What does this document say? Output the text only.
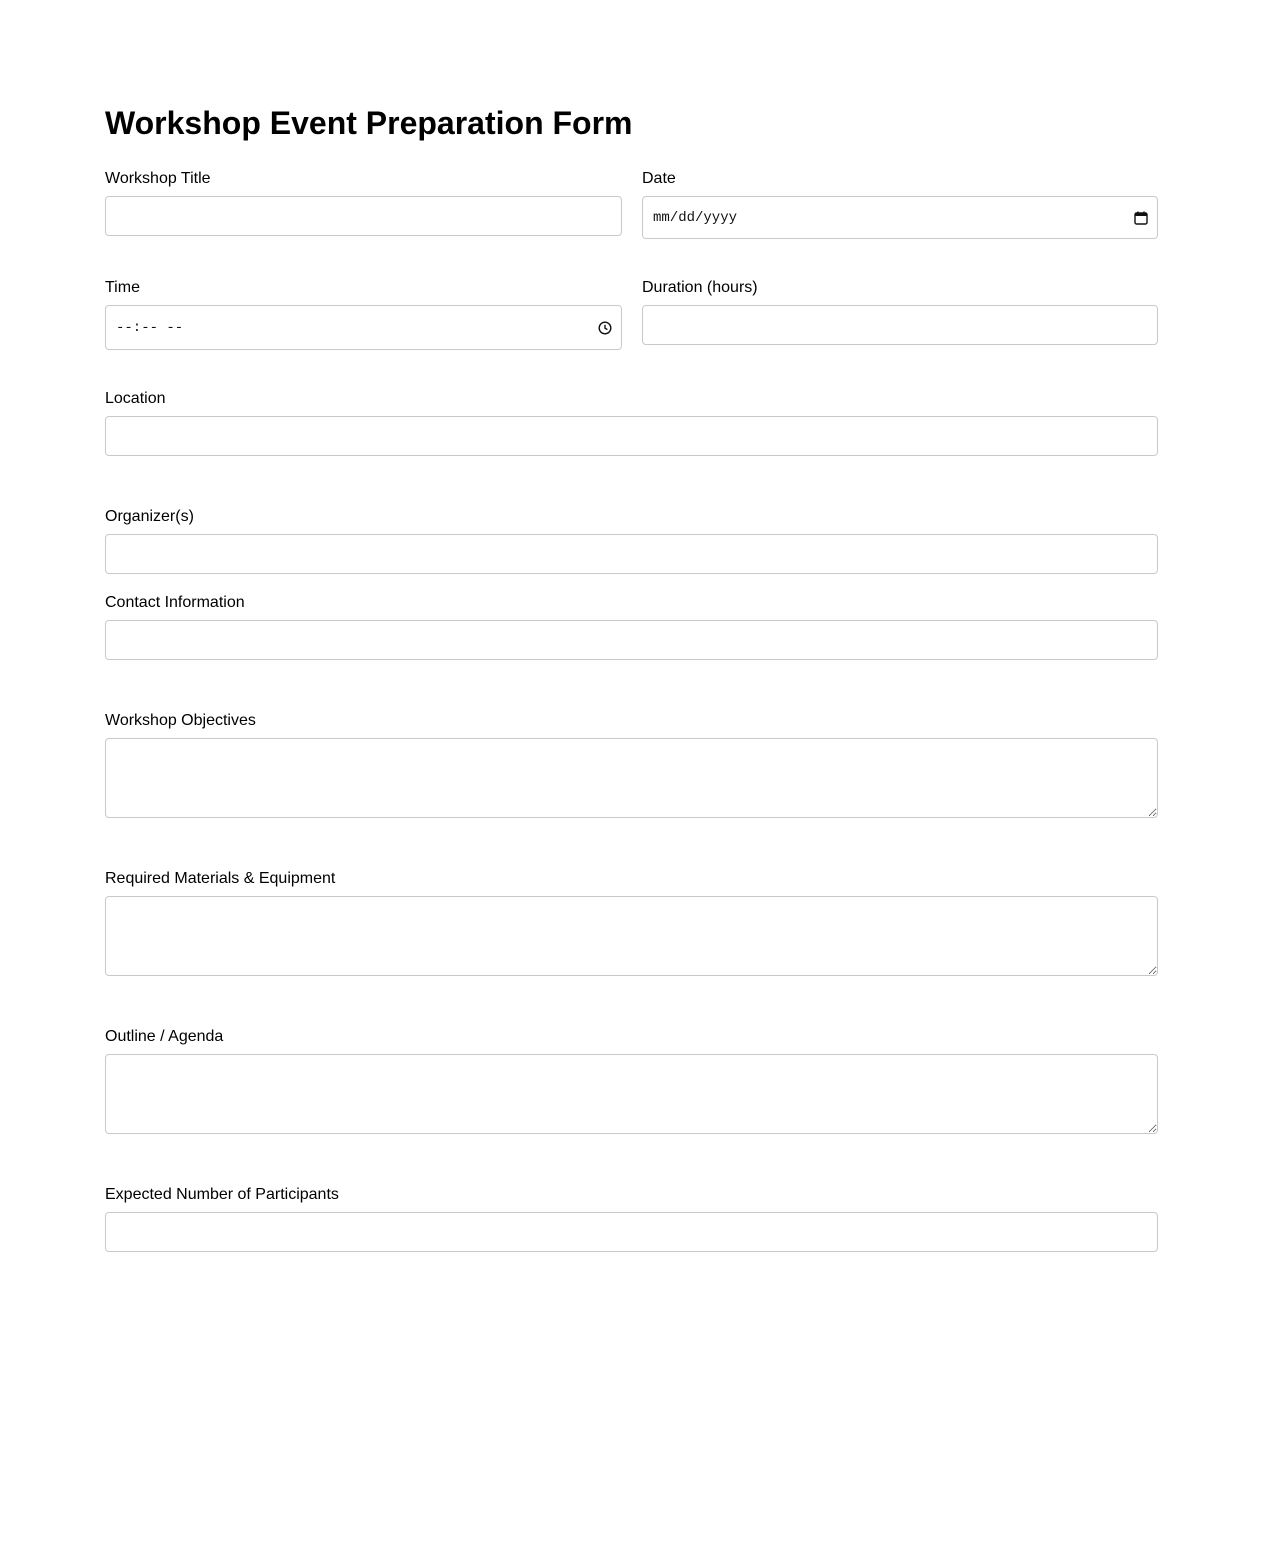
Workshop Event Preparation Form
Workshop Title	Date
mm/dd/yyyy
Time
--:-- --
Duration (hours)
Location
Organizer(s)
Contact Information
Workshop Objectives
Required Materials & Equipment
Outline / Agenda
Expected Number of Participants
